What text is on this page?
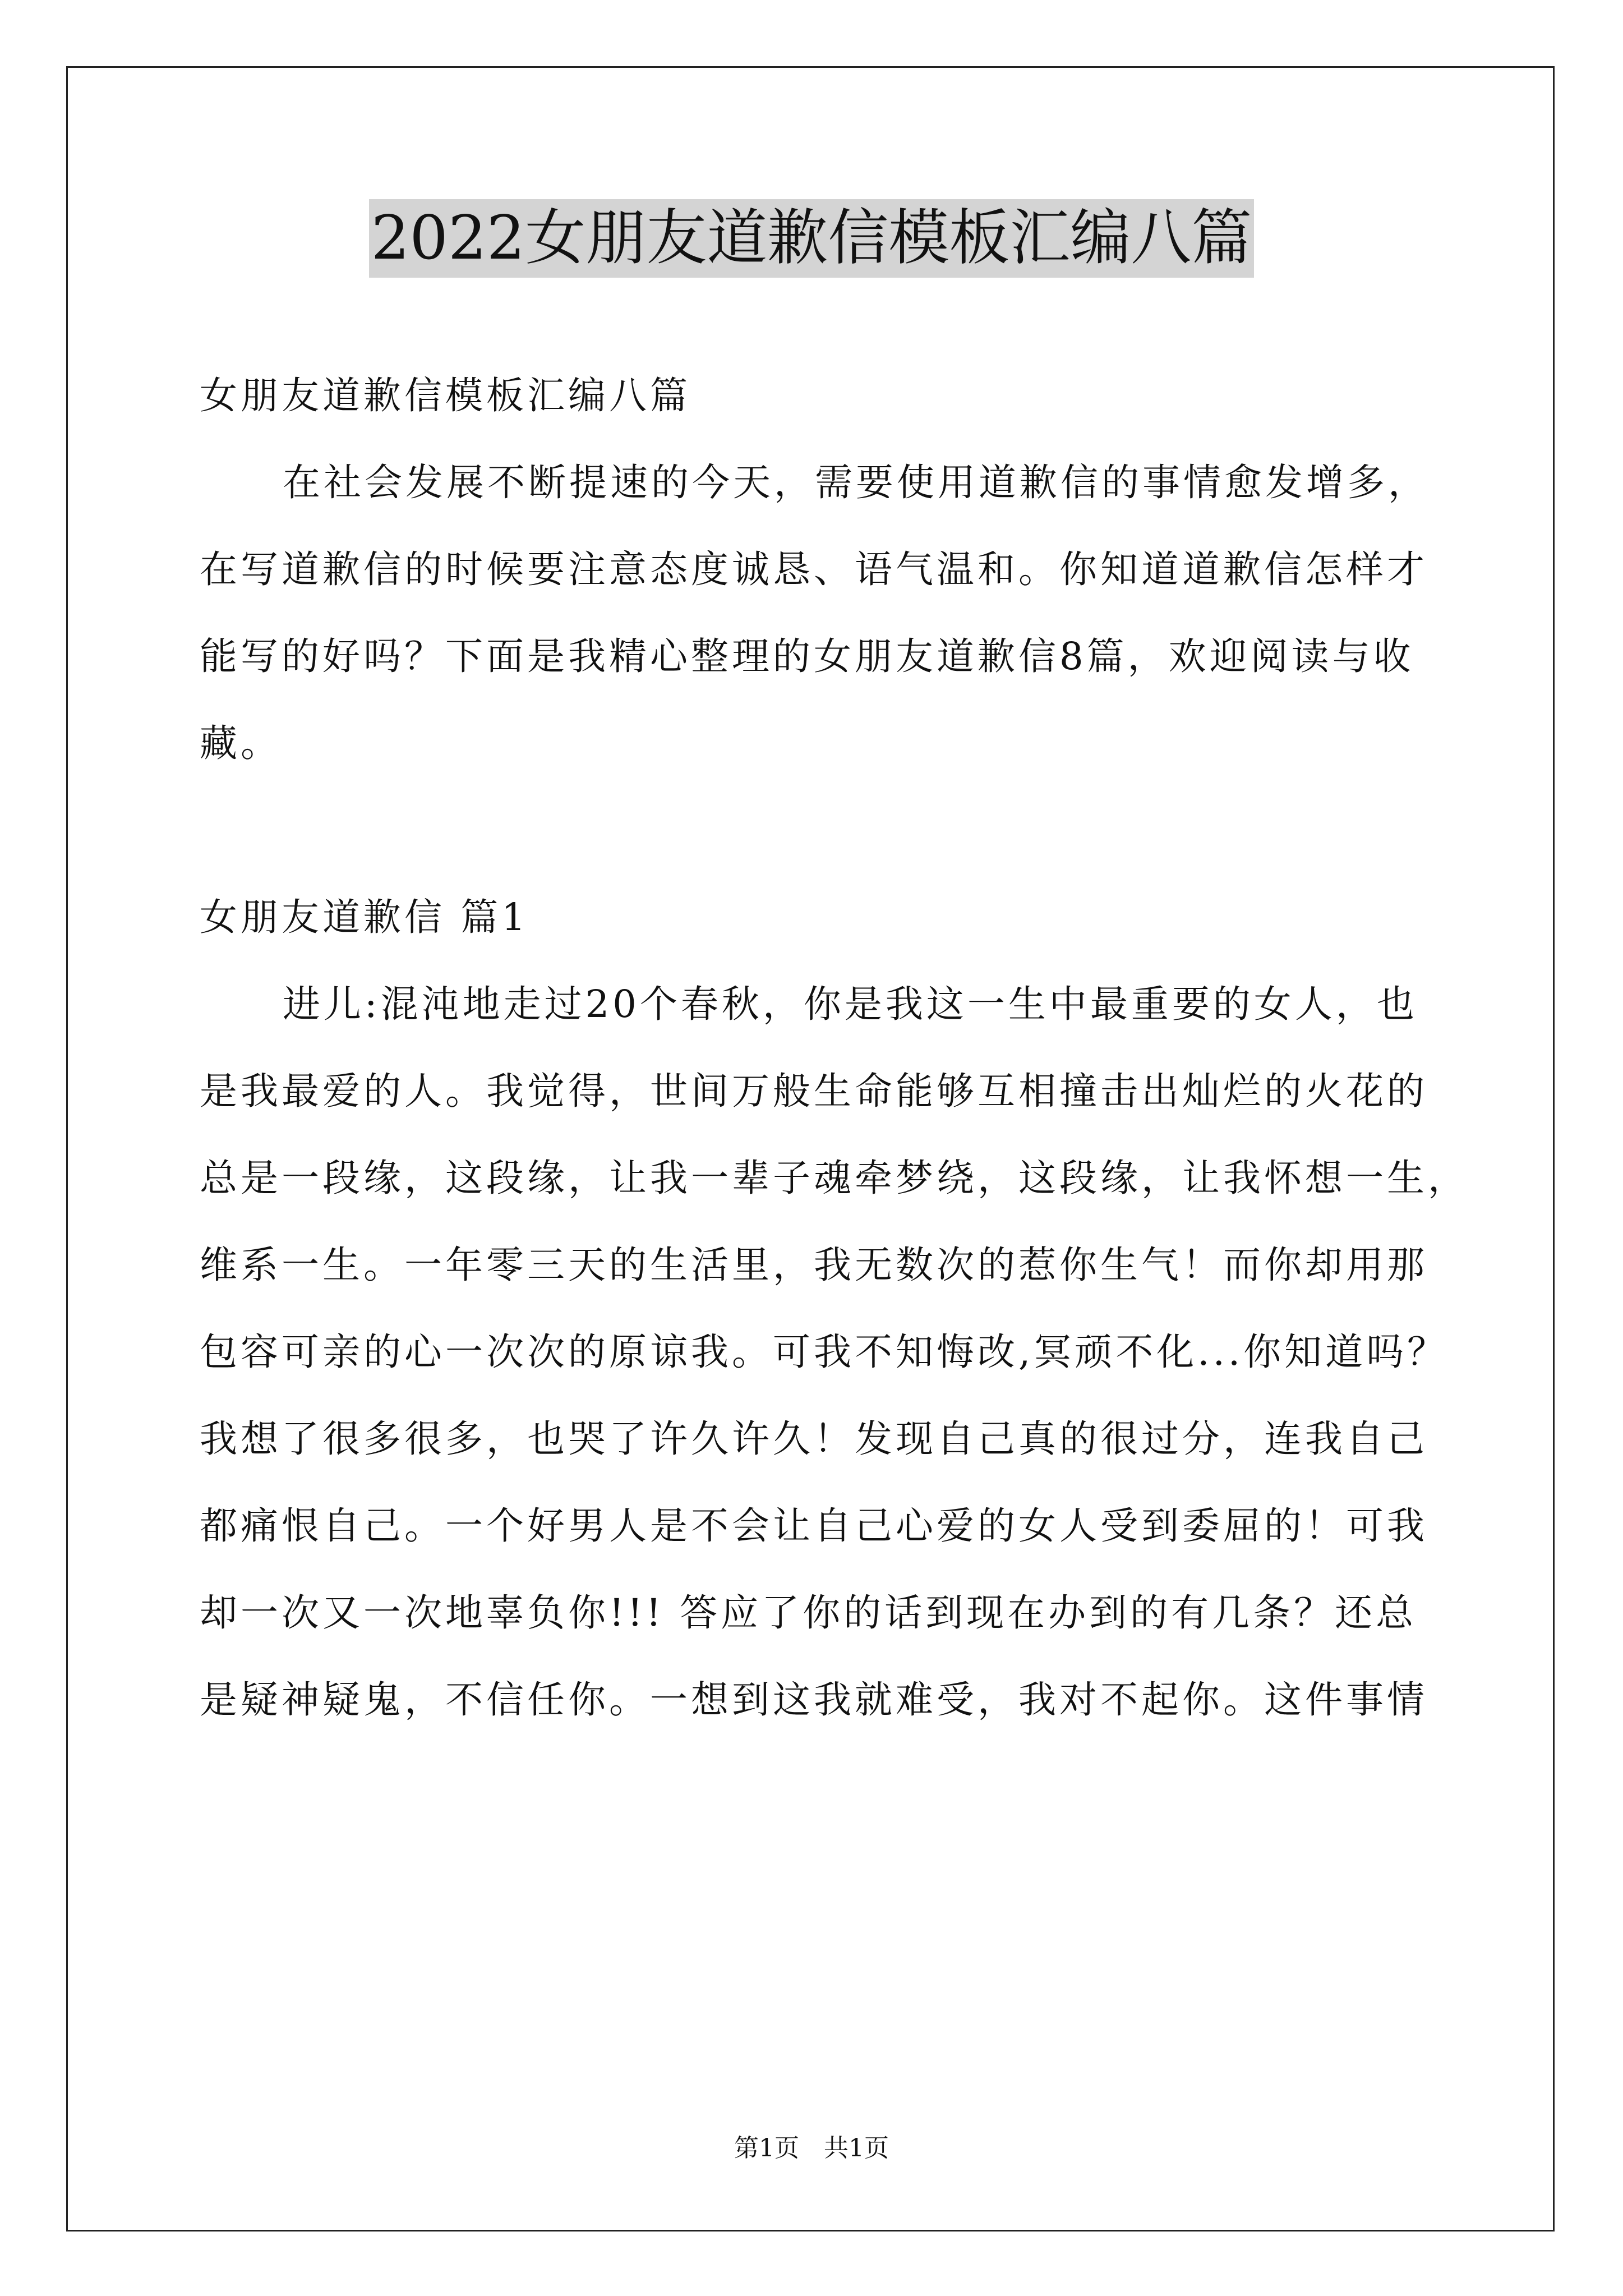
2022女朋友道歉信模板汇编八篇
女朋友道歉信模板汇编八篇
在社会发展不断提速的今天，需要使用道歉信的事情愈发增多，
在写道歉信的时候要注意态度诚恳、语气温和。你知道道歉信怎样才
能写的好吗？下面是我精心整理的女朋友道歉信8篇，欢迎阅读与收
藏。
女朋友道歉信 篇1
进儿:混沌地走过20个春秋，你是我这一生中最重要的女人，也
是我最爱的人。我觉得，世间万般生命能够互相撞击出灿烂的火花的
总是一段缘，这段缘，让我一辈子魂牵梦绕，这段缘，让我怀想一生，
维系一生。一年零三天的生活里，我无数次的惹你生气！而你却用那
包容可亲的心一次次的原谅我。可我不知悔改,冥顽不化...你知道吗？
我想了很多很多，也哭了许久许久！发现自己真的很过分，连我自己
都痛恨自己。一个好男人是不会让自己心爱的女人受到委屈的！可我
却一次又一次地辜负你!!! 答应了你的话到现在办到的有几条？还总
是疑神疑鬼，不信任你。一想到这我就难受，我对不起你。这件事情
第1页 共1页
